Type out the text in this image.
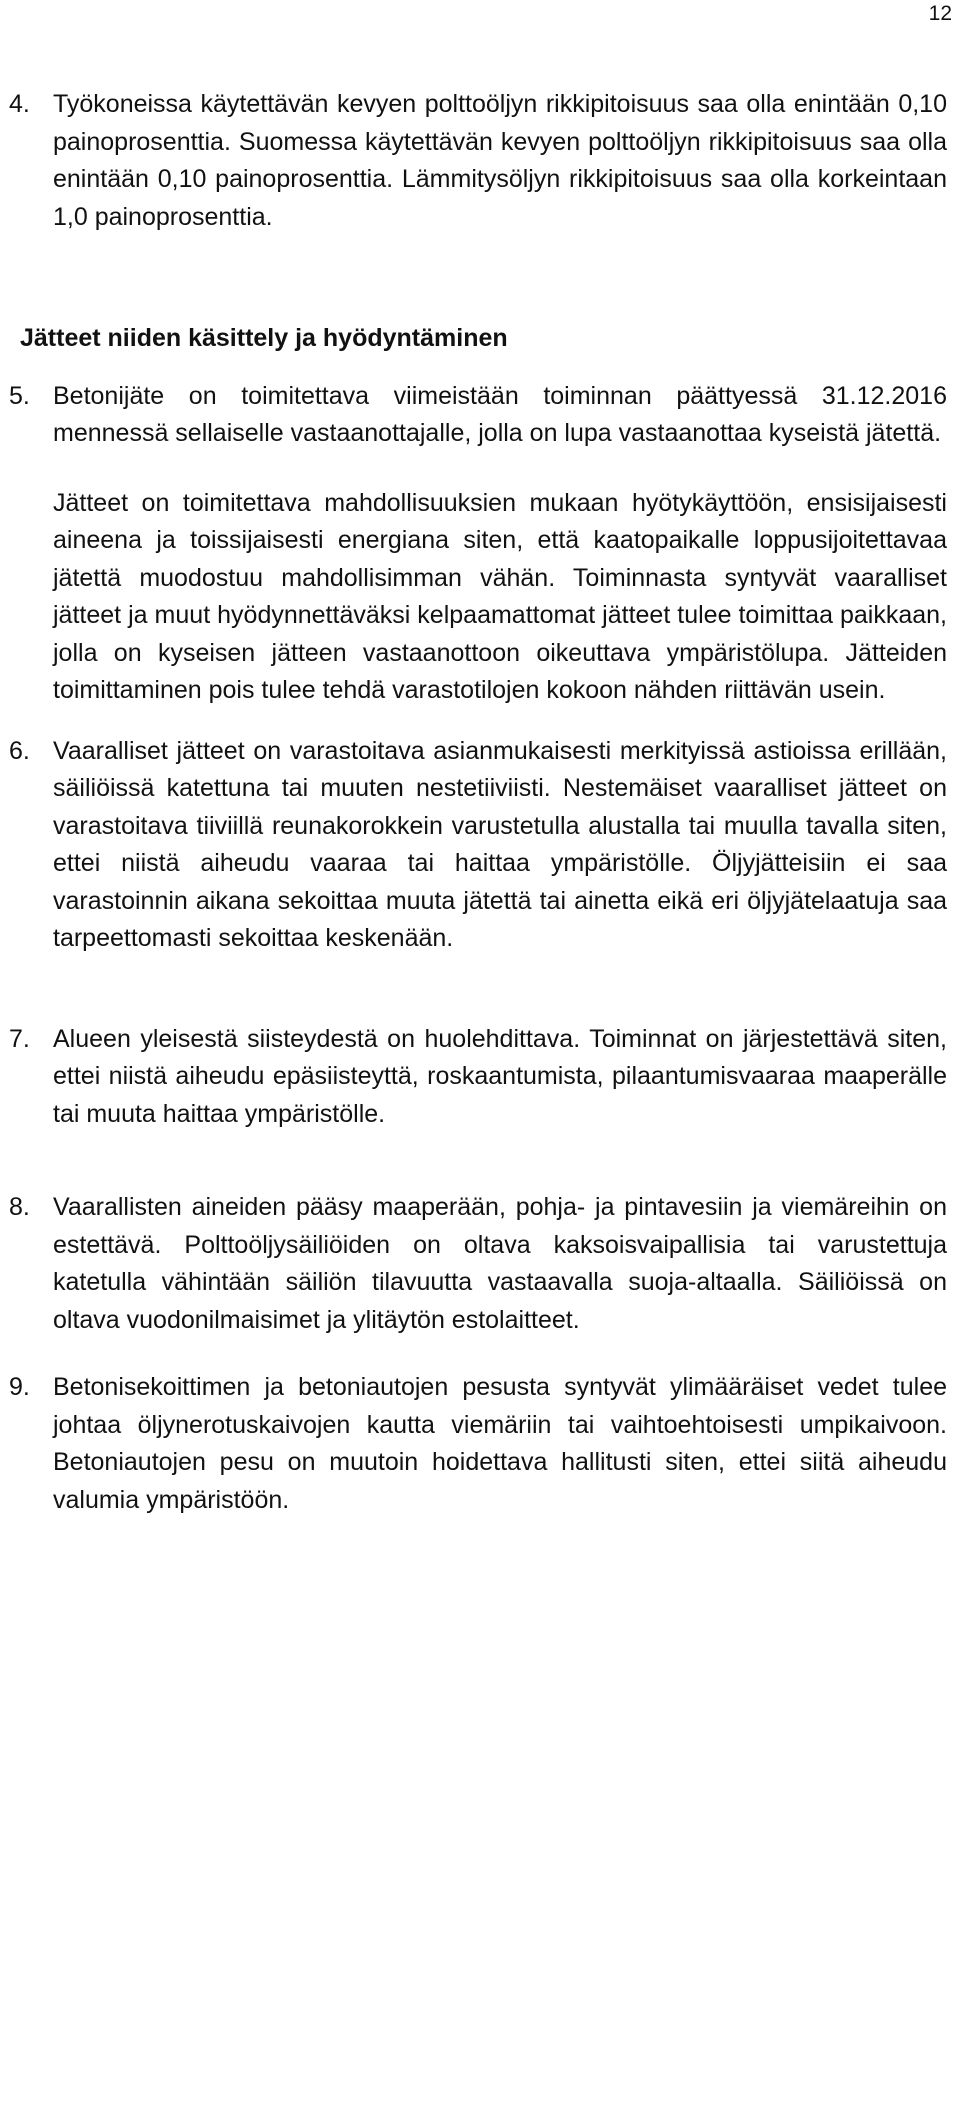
12
4. Työkoneissa käytettävän kevyen polttoöljyn rikkipitoisuus saa olla enintään 0,10 painoprosenttia. Suomessa käytettävän kevyen polttoöljyn rikkipitoisuus saa olla enintään 0,10 painoprosenttia. Lämmitysöljyn rikkipitoisuus saa olla korkeintaan 1,0 painoprosenttia.
Jätteet niiden käsittely ja hyödyntäminen
5. Betonijäte on toimitettava viimeistään toiminnan päättyessä 31.12.2016 mennessä sellaiselle vastaanottajalle, jolla on lupa vastaanottaa kyseistä jätettä.
Jätteet on toimitettava mahdollisuuksien mukaan hyötykäyttöön, ensisijaisesti aineena ja toissijaisesti energiana siten, että kaatopaikalle loppusijoitettavaa jätettä muodostuu mahdollisimman vähän. Toiminnasta syntyvät vaaralliset jätteet ja muut hyödynnettäväksi kelpaamattomat jätteet tulee toimittaa paikkaan, jolla on kyseisen jätteen vastaanottoon oikeuttava ympäristölupa. Jätteiden toimittaminen pois tulee tehdä varastotilojen kokoon nähden riittävän usein.
6. Vaaralliset jätteet on varastoitava asianmukaisesti merkityissä astioissa erillään, säiliöissä katettuna tai muuten nestetiiviisti. Nestemäiset vaaralliset jätteet on varastoitava tiiviillä reunakorokkein varustetulla alustalla tai muulla tavalla siten, ettei niistä aiheudu vaaraa tai haittaa ympäristölle. Öljyjätteisiin ei saa varastoinnin aikana sekoittaa muuta jätettä tai ainetta eikä eri öljyjätelaatuja saa tarpeettomasti sekoittaa keskenään.
7. Alueen yleisestä siisteydestä on huolehdittava. Toiminnat on järjestettävä siten, ettei niistä aiheudu epäsiisteyttä, roskaantumista, pilaantumisvaaraa maaperälle tai muuta haittaa ympäristölle.
8. Vaarallisten aineiden pääsy maaperään, pohja- ja pintavesiin ja viemäreihin on estettävä. Polttoöljysäiliöiden on oltava kaksoisvaipallisia tai varustettuja katetulla vähintään säiliön tilavuutta vastaavalla suoja-altaalla. Säiliöissä on oltava vuodonilmaisimet ja ylitäytön estolaitteet.
9. Betonisekoittimen ja betoniautojen pesusta syntyvät ylimääräiset vedet tulee johtaa öljynerotuskaivojen kautta viemäriin tai vaihtoehtoisesti umpikaivoon. Betoniautojen pesu on muutoin hoidettava hallitusti siten, ettei siitä aiheudu valumia ympäristöön.
